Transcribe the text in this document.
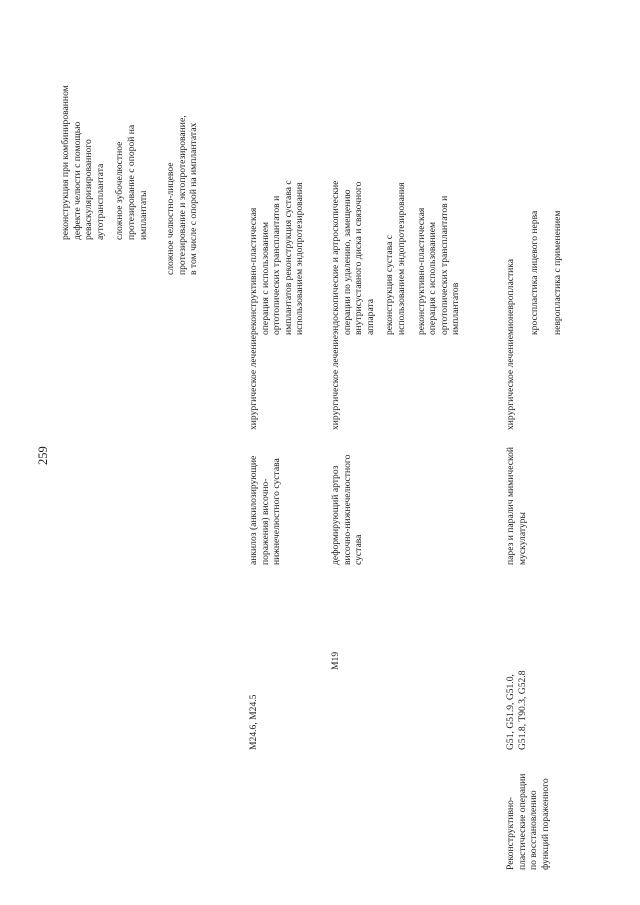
259

M24.6, M24.5

анкилоз (анкилозирующие поражения) височно-нижнечелюстного сустава

хирургическое лечение

реконструкция при комбинированном дефекте челюсти с помощью реваскуляризированного аутотрансплантата сложное зубочелюстное протезирование с опорой на имплантаты сложное челюстно-лицевое протезирование и эктопротезирование, в том числе с опорой на имплантатах	реконструктивно-пластическая операция с использованием ортотопических трансплантатов и имплантатов реконструкция сустава с использованием эндопротезирования

M19

деформирующий артроз височно-нижнечелюстного сустава

хирургическое лечение

эндоскопические и артроскопические операции по удалению, замещению внутрисуставного диска и связочного аппарата реконструкция сустава с использованием эндопротезирования реконструктивно-пластическая операция с использованием ортотопических трансплантатов и имплантатов

Реконструктивно-пластические операции по восстановлению функций пораженного

G51, G51.9, G51.0, G51.8, T90.3, G52.8

парез и паралич мимической мускулатуры

хирургическое лечение

мионевропластика кросспластика лицевого нерва невропластика с применением
